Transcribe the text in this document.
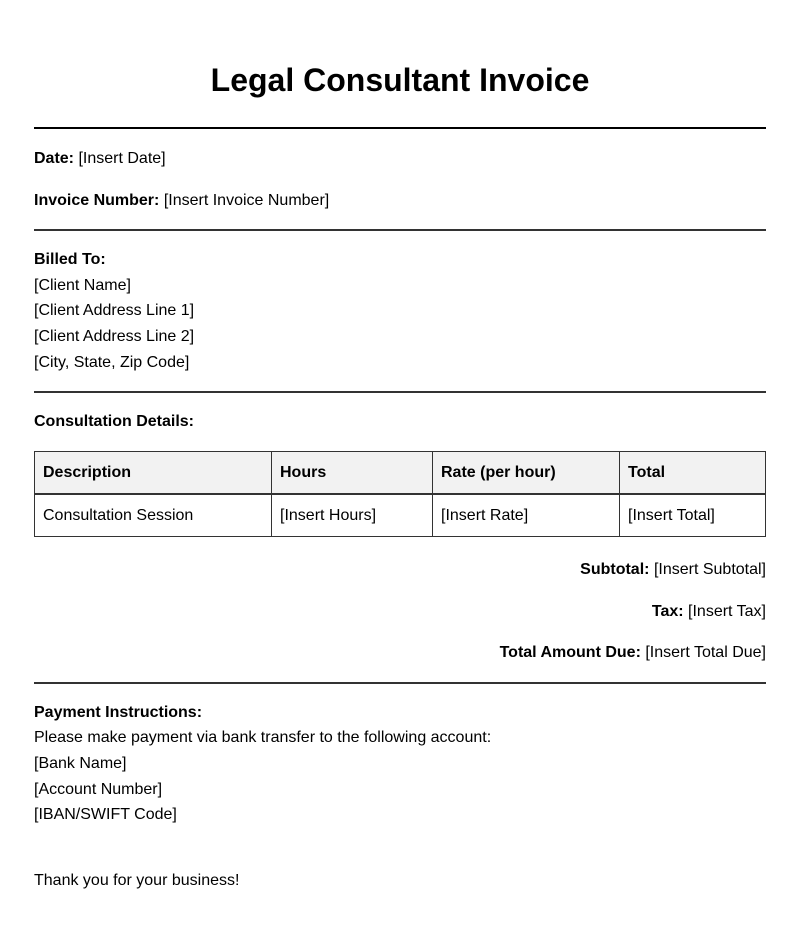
Legal Consultant Invoice
Date: [Insert Date]
Invoice Number: [Insert Invoice Number]
Billed To:
[Client Name]
[Client Address Line 1]
[Client Address Line 2]
[City, State, Zip Code]
Consultation Details:
Description	Hours	Rate (per hour)	Total
Consultation Session	[Insert Hours]	[Insert Rate]	[Insert Total]
Subtotal: [Insert Subtotal]
Tax: [Insert Tax]
Total Amount Due: [Insert Total Due]
Payment Instructions:
Please make payment via bank transfer to the following account:
[Bank Name]
[Account Number]
[IBAN/SWIFT Code]
Thank you for your business!
